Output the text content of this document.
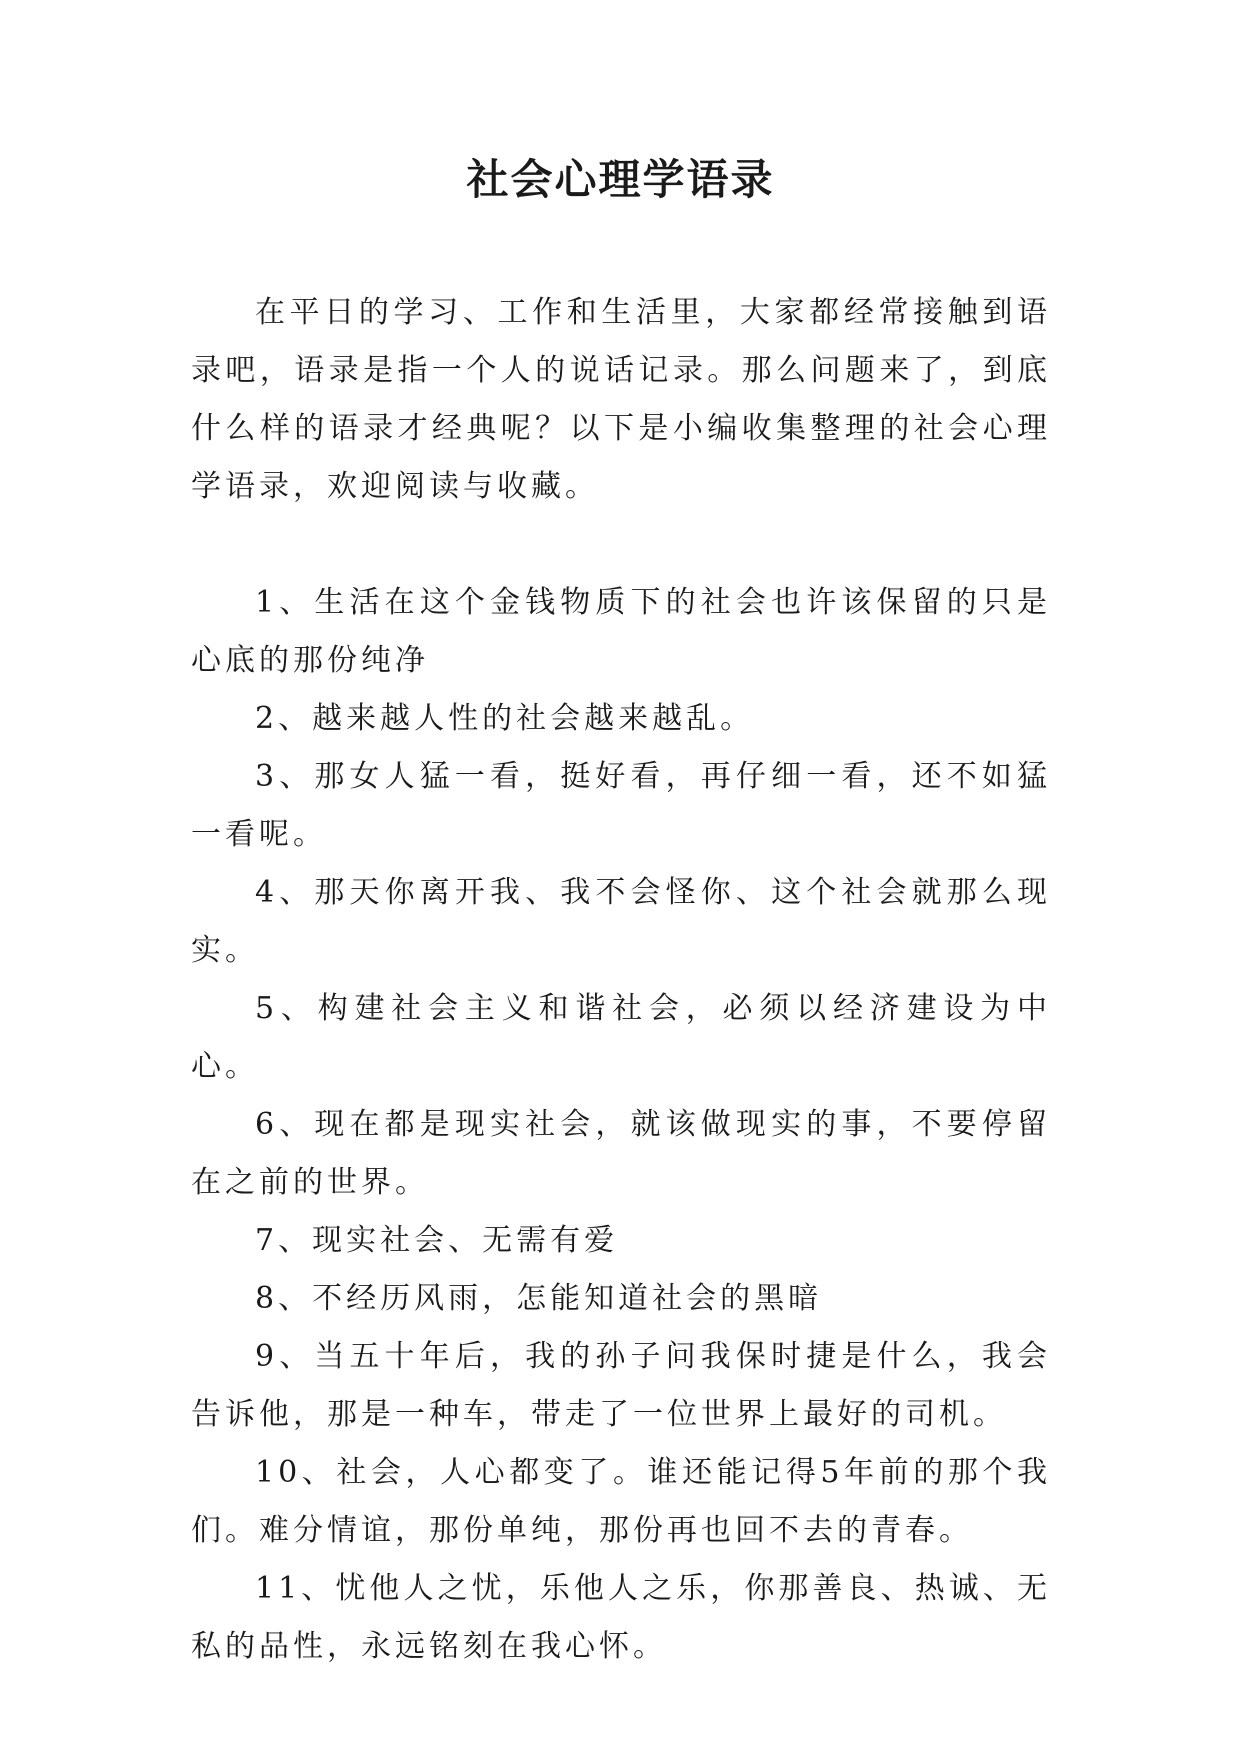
社会心理学语录

在平日的学习、工作和生活里，大家都经常接触到语录吧，语录是指一个人的说话记录。那么问题来了，到底什么样的语录才经典呢？以下是小编收集整理的社会心理学语录，欢迎阅读与收藏。

1、生活在这个金钱物质下的社会也许该保留的只是心底的那份纯净

2、越来越人性的社会越来越乱。

3、那女人猛一看，挺好看，再仔细一看，还不如猛一看呢。

4、那天你离开我、我不会怪你、这个社会就那么现实。

5、构建社会主义和谐社会，必须以经济建设为中心。

6、现在都是现实社会，就该做现实的事，不要停留在之前的世界。

7、现实社会、无需有爱

8、不经历风雨，怎能知道社会的黑暗

9、当五十年后，我的孙子问我保时捷是什么，我会告诉他，那是一种车，带走了一位世界上最好的司机。

10、社会，人心都变了。谁还能记得5年前的那个我们。难分情谊，那份单纯，那份再也回不去的青春。

11、忧他人之忧，乐他人之乐，你那善良、热诚、无私的品性，永远铭刻在我心怀。
